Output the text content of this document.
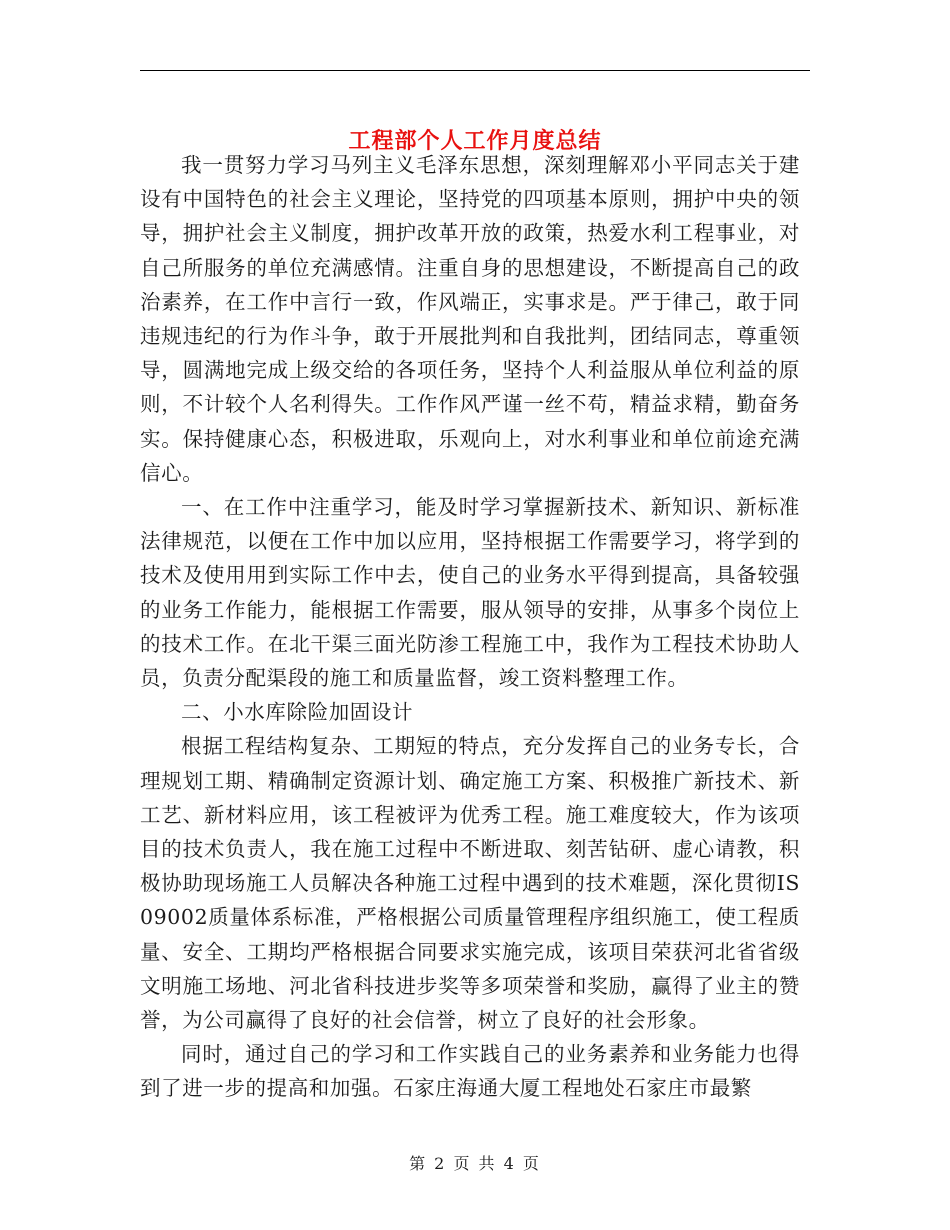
工程部个人工作月度总结

我一贯努力学习马列主义毛泽东思想，深刻理解邓小平同志关于建设有中国特色的社会主义理论，坚持党的四项基本原则，拥护中央的领导，拥护社会主义制度，拥护改革开放的政策，热爱水利工程事业，对自己所服务的单位充满感情。注重自身的思想建设，不断提高自己的政治素养，在工作中言行一致，作风端正，实事求是。严于律己，敢于同违规违纪的行为作斗争，敢于开展批判和自我批判，团结同志，尊重领导，圆满地完成上级交给的各项任务，坚持个人利益服从单位利益的原则，不计较个人名利得失。工作作风严谨一丝不苟，精益求精，勤奋务实。保持健康心态，积极进取，乐观向上，对水利事业和单位前途充满信心。

一、在工作中注重学习，能及时学习掌握新技术、新知识、新标准法律规范，以便在工作中加以应用，坚持根据工作需要学习，将学到的技术及使用用到实际工作中去，使自己的业务水平得到提高，具备较强的业务工作能力，能根据工作需要，服从领导的安排，从事多个岗位上的技术工作。在北干渠三面光防渗工程施工中，我作为工程技术协助人员，负责分配渠段的施工和质量监督，竣工资料整理工作。

二、小水库除险加固设计

根据工程结构复杂、工期短的特点，充分发挥自己的业务专长，合理规划工期、精确制定资源计划、确定施工方案、积极推广新技术、新工艺、新材料应用，该工程被评为优秀工程。施工难度较大，作为该项目的技术负责人，我在施工过程中不断进取、刻苦钻研、虚心请教，积极协助现场施工人员解决各种施工过程中遇到的技术难题，深化贯彻IS09002质量体系标准，严格根据公司质量管理程序组织施工，使工程质量、安全、工期均严格根据合同要求实施完成，该项目荣获河北省省级文明施工场地、河北省科技进步奖等多项荣誉和奖励，赢得了业主的赞誉，为公司赢得了良好的社会信誉，树立了良好的社会形象。

同时，通过自己的学习和工作实践自己的业务素养和业务能力也得到了进一步的提高和加强。石家庄海通大厦工程地处石家庄市最繁

第 2 页 共 4 页
